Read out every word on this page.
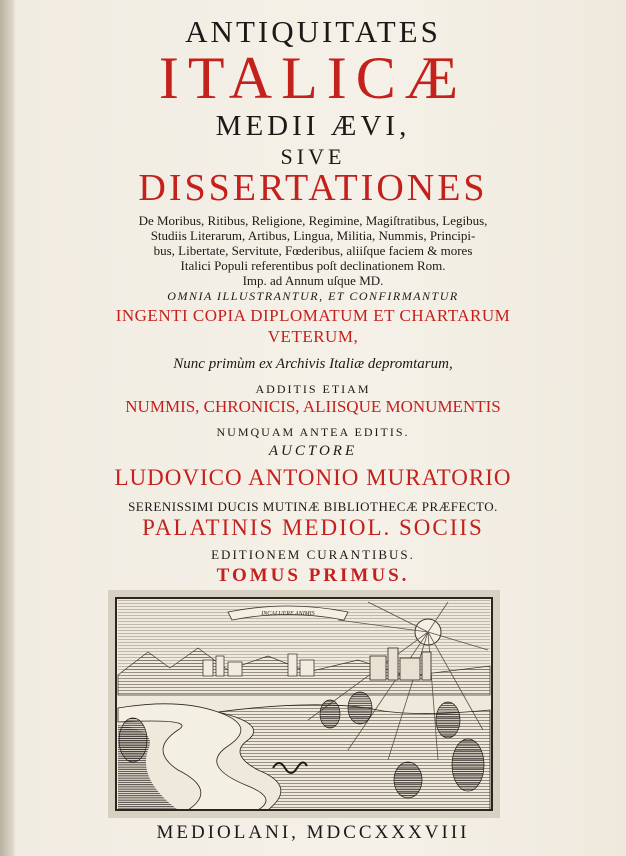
ANTIQUITATES
ITALICÆ
MEDII ÆVI,
SIVE
DISSERTATIONES
De Moribus, Ritibus, Religione, Regimine, Magiſtratibus, Legibus,
Studiis Literarum, Artibus, Lingua, Militia, Nummis, Principi-
bus, Libertate, Servitute, Fœderibus, aliiſque faciem & mores
Italici Populi referentibus poſt declinationem Rom.
Imp. ad Annum uſque MD.
OMNIA ILLUSTRANTUR, ET CONFIRMANTUR
INGENTI COPIA DIPLOMATUM ET CHARTARUM
VETERUM,
Nunc primùm ex Archivis Italiæ depromtarum,
ADDITIS ETIAM
NUMMIS, CHRONICIS, ALIISQUE MONUMENTIS
NUMQUAM ANTEA EDITIS.
AUCTORE
LUDOVICO ANTONIO MURATORIO
SERENISSIMI DUCIS MUTINÆ BIBLIOTHECÆ PRÆFECTO.
PALATINIS MEDIOL. SOCIIS
EDITIONEM CURANTIBUS.
TOMUS PRIMUS.
INCALUERE ANIMIS
MEDIOLANI, MDCCXXXVIII
